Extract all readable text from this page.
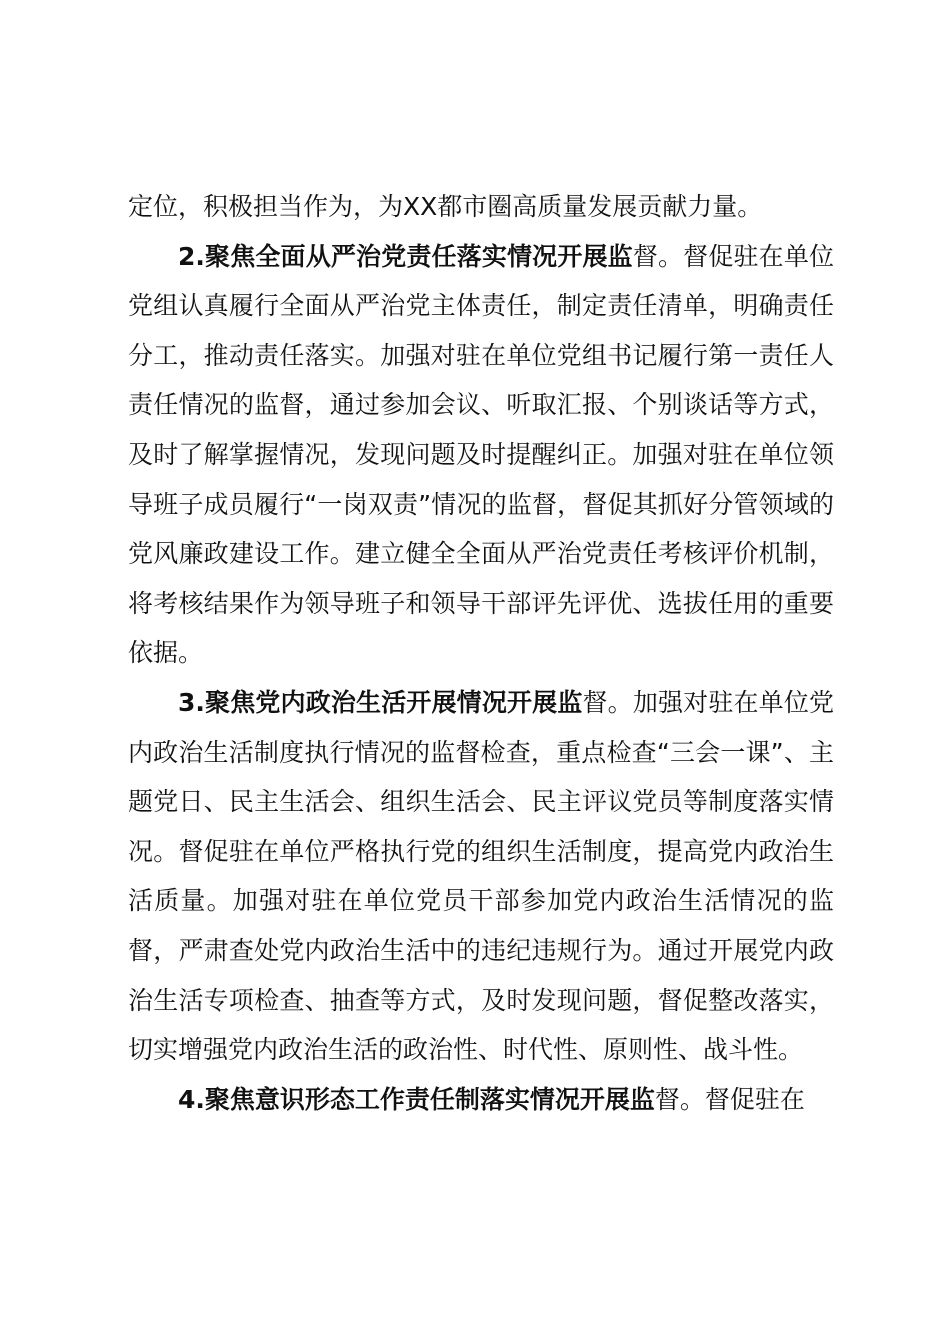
定位，积极担当作为，为XX都市圈高质量发展贡献力量。

2.聚焦全面从严治党责任落实情况开展监督。督促驻在单位党组认真履行全面从严治党主体责任，制定责任清单，明确责任分工，推动责任落实。加强对驻在单位党组书记履行第一责任人责任情况的监督，通过参加会议、听取汇报、个别谈话等方式，及时了解掌握情况，发现问题及时提醒纠正。加强对驻在单位领导班子成员履行“一岗双责”情况的监督，督促其抓好分管领域的党风廉政建设工作。建立健全全面从严治党责任考核评价机制，将考核结果作为领导班子和领导干部评先评优、选拔任用的重要依据。

3.聚焦党内政治生活开展情况开展监督。加强对驻在单位党内政治生活制度执行情况的监督检查，重点检查“三会一课”、主题党日、民主生活会、组织生活会、民主评议党员等制度落实情况。督促驻在单位严格执行党的组织生活制度，提高党内政治生活质量。加强对驻在单位党员干部参加党内政治生活情况的监督，严肃查处党内政治生活中的违纪违规行为。通过开展党内政治生活专项检查、抽查等方式，及时发现问题，督促整改落实，切实增强党内政治生活的政治性、时代性、原则性、战斗性。

4.聚焦意识形态工作责任制落实情况开展监督。督促驻在
